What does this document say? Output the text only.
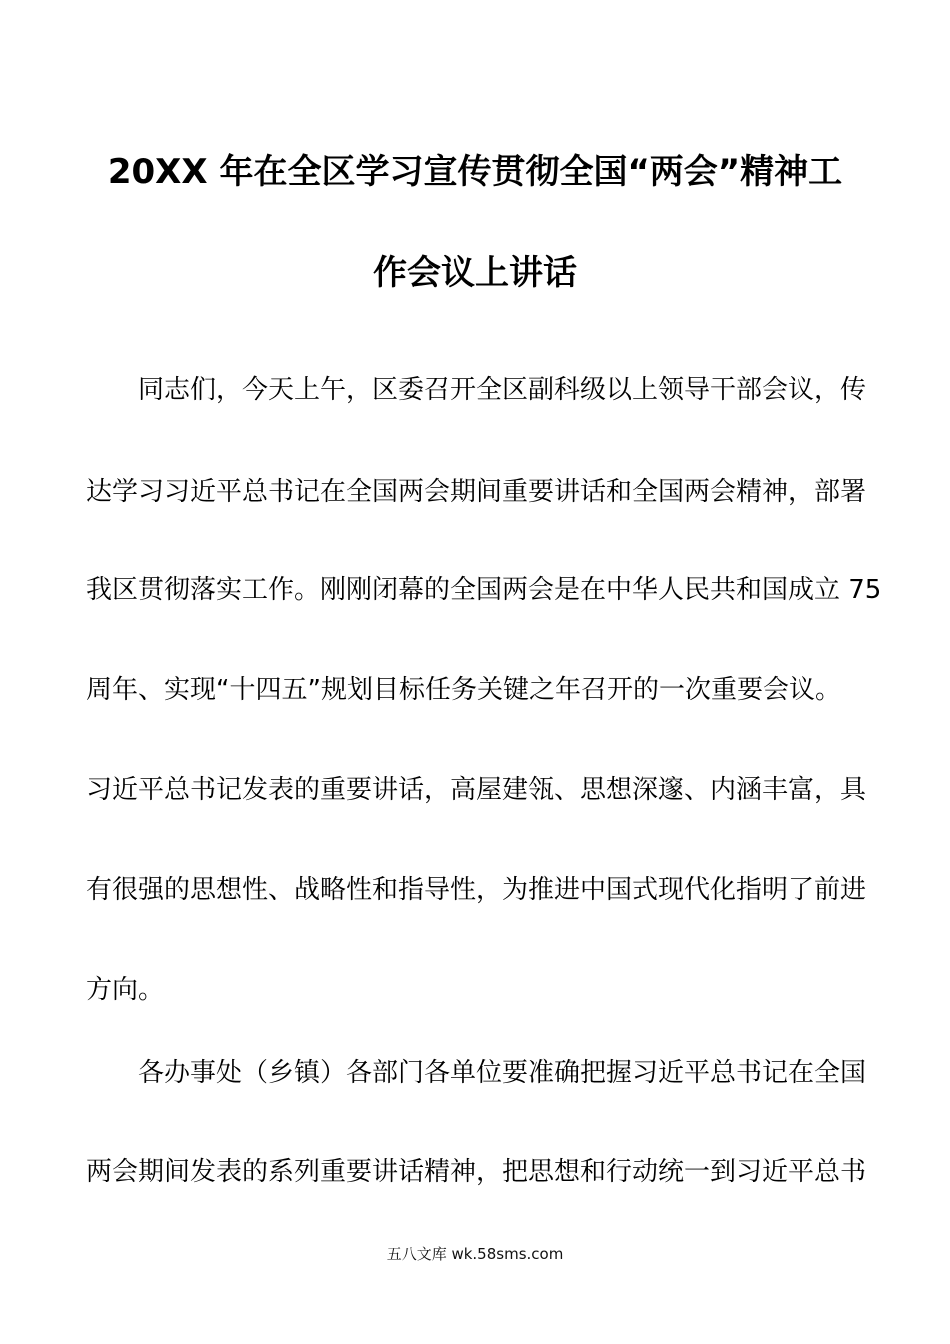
20XX 年在全区学习宣传贯彻全国“两会”精神工
作会议上讲话
同志们，今天上午，区委召开全区副科级以上领导干部会议，传
达学习习近平总书记在全国两会期间重要讲话和全国两会精神，部署
我区贯彻落实工作。刚刚闭幕的全国两会是在中华人民共和国成立 75
周年、实现“十四五”规划目标任务关键之年召开的一次重要会议。
习近平总书记发表的重要讲话，高屋建瓴、思想深邃、内涵丰富，具
有很强的思想性、战略性和指导性，为推进中国式现代化指明了前进
方向。
各办事处（乡镇）各部门各单位要准确把握习近平总书记在全国
两会期间发表的系列重要讲话精神，把思想和行动统一到习近平总书
五八文库 wk.58sms.com
